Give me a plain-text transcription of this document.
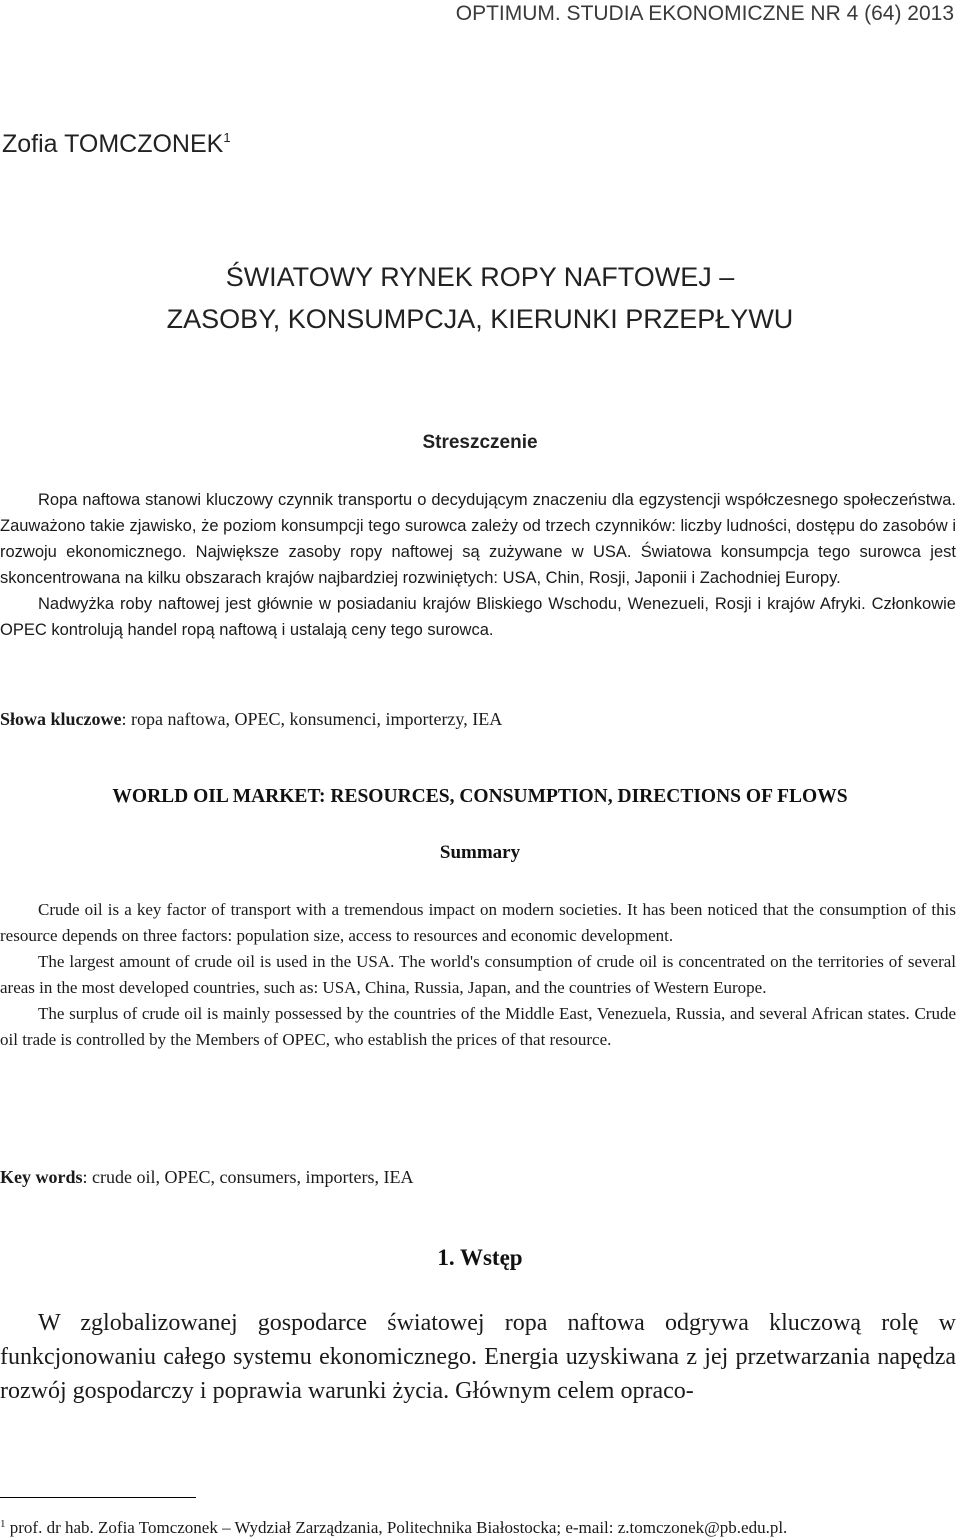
OPTIMUM. STUDIA EKONOMICZNE NR 4 (64) 2013
Zofia TOMCZONEK$^1$
ŚWIATOWY RYNEK ROPY NAFTOWEJ –
ZASOBY, KONSUMPCJA, KIERUNKI PRZEPŁYWU
Streszczenie

Ropa naftowa stanowi kluczowy czynnik transportu o decydującym znaczeniu dla egzystencji współczesnego społeczeństwa. Zauważono takie zjawisko, że poziom konsumpcji tego surowca zależy od trzech czynników: liczby ludności, dostępu do zasobów i rozwoju ekonomicznego. Największe zasoby ropy naftowej są zużywane w USA. Światowa konsumpcja tego surowca jest skoncentrowana na kilku obszarach krajów najbardziej rozwiniętych: USA, Chin, Rosji, Japonii i Zachodniej Europy.

Nadwyżka roby naftowej jest głównie w posiadaniu krajów Bliskiego Wschodu, Wenezueli, Rosji i krajów Afryki. Członkowie OPEC kontrolują handel ropą naftową i ustalają ceny tego surowca.

Słowa kluczowe: ropa naftowa, OPEC, konsumenci, importerzy, IEA
WORLD OIL MARKET: RESOURCES, CONSUMPTION, DIRECTIONS OF FLOWS
Summary

Crude oil is a key factor of transport with a tremendous impact on modern societies. It has been noticed that the consumption of this resource depends on three factors: population size, access to resources and economic development.

The largest amount of crude oil is used in the USA. The world's consumption of crude oil is concentrated on the territories of several areas in the most developed countries, such as: USA, China, Russia, Japan, and the countries of Western Europe.

The surplus of crude oil is mainly possessed by the countries of the Middle East, Venezuela, Russia, and several African states. Crude oil trade is controlled by the Members of OPEC, who establish the prices of that resource.

Key words: crude oil, OPEC, consumers, importers, IEA
1. Wstęp
W zglobalizowanej gospodarce światowej ropa naftowa odgrywa kluczową rolę w funkcjonowaniu całego systemu ekonomicznego. Energia uzyskiwana z jej przetwarzania napędza rozwój gospodarczy i poprawia warunki życia. Głównym celem opraco-
$^1$ prof. dr hab. Zofia Tomczonek – Wydział Zarządzania, Politechnika Białostocka; e-mail: z.tomczonek@pb.edu.pl.
